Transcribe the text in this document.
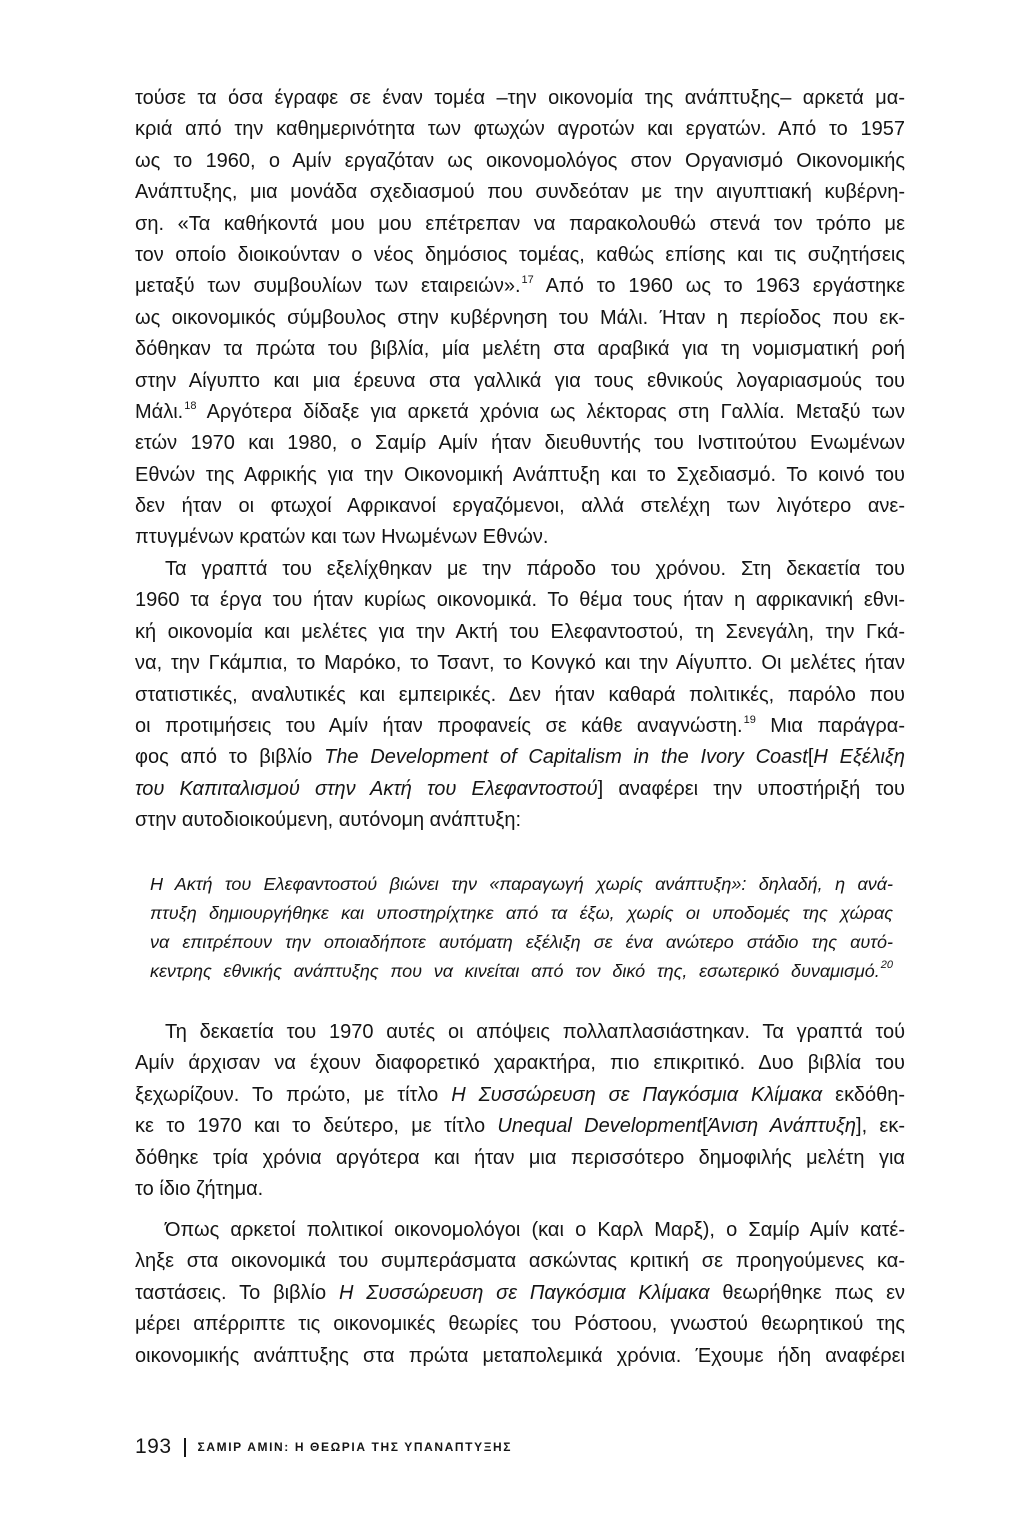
τούσε τα όσα έγραφε σε έναν τομέα –την οικονομία της ανάπτυξης– αρκετά μα-
κριά από την καθημερινότητα των φτωχών αγροτών και εργατών. Από το 1957
ως το 1960, ο Αμίν εργαζόταν ως οικονομολόγος στον Οργανισμό Οικονομικής
Ανάπτυξης, μια μονάδα σχεδιασμού που συνδεόταν με την αιγυπτιακή κυβέρνη-
ση. «Τα καθήκοντά μου μου επέτρεπαν να παρακολουθώ στενά τον τρόπο με
τον οποίο διοικούνταν ο νέος δημόσιος τομέας, καθώς επίσης και τις συζητήσεις
μεταξύ των συμβουλίων των εταιρειών».$^{17}$ Από το 1960 ως το 1963 εργάστηκε
ως οικονομικός σύμβουλος στην κυβέρνηση του Μάλι. Ήταν η περίοδος που εκ-
δόθηκαν τα πρώτα του βιβλία, μία μελέτη στα αραβικά για τη νομισματική ροή
στην Αίγυπτο και μια έρευνα στα γαλλικά για τους εθνικούς λογαριασμούς του
Μάλι.$^{18}$ Αργότερα δίδαξε για αρκετά χρόνια ως λέκτορας στη Γαλλία. Μεταξύ των
ετών 1970 και 1980, ο Σαμίρ Αμίν ήταν διευθυντής του Ινστιτούτου Ενωμένων
Εθνών της Αφρικής για την Οικονομική Ανάπτυξη και το Σχεδιασμό. Το κοινό του
δεν ήταν οι φτωχοί Αφρικανοί εργαζόμενοι, αλλά στελέχη των λιγότερο ανε-
πτυγμένων κρατών και των Ηνωμένων Εθνών.
Τα γραπτά του εξελίχθηκαν με την πάροδο του χρόνου. Στη δεκαετία του
1960 τα έργα του ήταν κυρίως οικονομικά. Το θέμα τους ήταν η αφρικανική εθνι-
κή οικονομία και μελέτες για την Ακτή του Ελεφαντοστού, τη Σενεγάλη, την Γκά-
να, την Γκάμπια, το Μαρόκο, το Τσαντ, το Κονγκό και την Αίγυπτο. Οι μελέτες ήταν
στατιστικές, αναλυτικές και εμπειρικές. Δεν ήταν καθαρά πολιτικές, παρόλο που
οι προτιμήσεις του Αμίν ήταν προφανείς σε κάθε αναγνώστη.$^{19}$ Μια παράγρα-
φος από το βιβλίο The Development of Capitalism in the Ivory Coast[Η Εξέλιξη
του Καπιταλισμού στην Ακτή του Ελεφαντοστού] αναφέρει την υποστήριξή του
στην αυτοδιοικούμενη, αυτόνομη ανάπτυξη:
Η Ακτή του Ελεφαντοστού βιώνει την «παραγωγή χωρίς ανάπτυξη»: δηλαδή, η ανά-
πτυξη δημιουργήθηκε και υποστηρίχτηκε από τα έξω, χωρίς οι υποδομές της χώρας
να επιτρέπουν την οποιαδήποτε αυτόματη εξέλιξη σε ένα ανώτερο στάδιο της αυτό-
κεντρης εθνικής ανάπτυξης που να κινείται από τον δικό της, εσωτερικό δυναμισμό.$^{20}$
Τη δεκαετία του 1970 αυτές οι απόψεις πολλαπλασιάστηκαν. Τα γραπτά τού
Αμίν άρχισαν να έχουν διαφορετικό χαρακτήρα, πιο επικριτικό. Δυο βιβλία του
ξεχωρίζουν. Το πρώτο, με τίτλο Η Συσσώρευση σε Παγκόσμια Κλίμακα εκδόθη-
κε το 1970 και το δεύτερο, με τίτλο Unequal Development[Άνιση Ανάπτυξη], εκ-
δόθηκε τρία χρόνια αργότερα και ήταν μια περισσότερο δημοφιλής μελέτη για
το ίδιο ζήτημα.
Όπως αρκετοί πολιτικοί οικονομολόγοι (και ο Καρλ Μαρξ), ο Σαμίρ Αμίν κατέ-
ληξε στα οικονομικά του συμπεράσματα ασκώντας κριτική σε προηγούμενες κα-
ταστάσεις. Το βιβλίο Η Συσσώρευση σε Παγκόσμια Κλίμακα θεωρήθηκε πως εν
μέρει απέρριπτε τις οικονομικές θεωρίες του Ρόστοου, γνωστού θεωρητικού της
οικονομικής ανάπτυξης στα πρώτα μεταπολεμικά χρόνια. Έχουμε ήδη αναφέρει
193 ΣΑΜΙΡ ΑΜΙΝ: Η ΘΕΩΡΙΑ ΤΗΣ ΥΠΑΝΑΠΤΥΞΗΣ
